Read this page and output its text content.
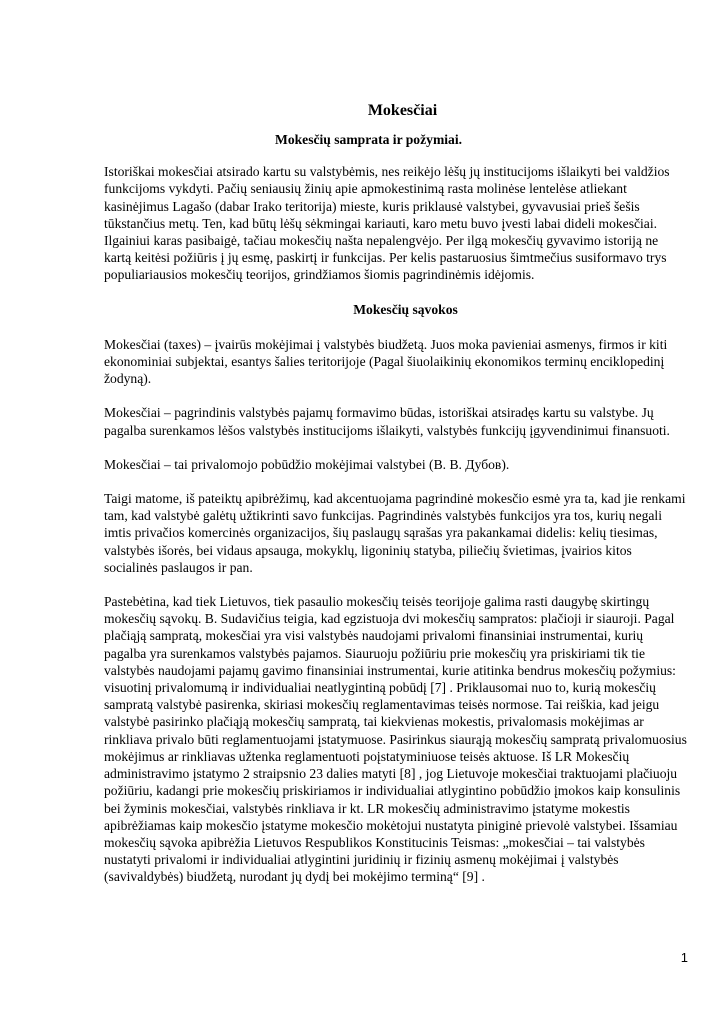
Mokesčiai
Mokesčių samprata ir požymiai.

Istoriškai mokesčiai atsirado kartu su valstybėmis, nes reikėjo lėšų jų institucijoms išlaikyti bei valdžios funkcijoms vykdyti. Pačių seniausių žinių apie apmokestinimą rasta molinėse lentelėse atliekant kasinėjimus Lagašo (dabar Irako teritorija) mieste, kuris priklausė valstybei, gyvavusiai prieš šešis tūkstančius metų. Ten, kad būtų lėšų sėkmingai kariauti, karo metu buvo įvesti labai dideli mokesčiai. Ilgainiui karas pasibaigė, tačiau mokesčių našta nepalengvėjo. Per ilgą mokesčių gyvavimo istoriją ne kartą keitėsi požiūris į jų esmę, paskirtį ir funkcijas. Per kelis pastaruosius šimtmečius susiformavo trys populiariausios mokesčių teorijos, grindžiamos šiomis pagrindinėmis idėjomis.

Mokesčių sąvokos

Mokesčiai (taxes) – įvairūs mokėjimai į valstybės biudžetą. Juos moka pavieniai asmenys, firmos ir kiti ekonominiai subjektai, esantys šalies teritorijoje (Pagal šiuolaikinių ekonomikos terminų enciklopedinį žodyną).

Mokesčiai – pagrindinis valstybės pajamų formavimo būdas, istoriškai atsiradęs kartu su valstybe. Jų pagalba surenkamos lėšos valstybės institucijoms išlaikyti, valstybės funkcijų įgyvendinimui finansuoti.

Mokesčiai – tai privalomojo pobūdžio mokėjimai valstybei (B. B. Дубов).

Taigi matome, iš pateiktų apibrėžimų, kad akcentuojama pagrindinė mokesčio esmė yra ta, kad jie renkami tam, kad valstybė galėtų užtikrinti savo funkcijas. Pagrindinės valstybės funkcijos yra tos, kurių negali imtis privačios komercinės organizacijos, šių paslaugų sąrašas yra pakankamai didelis: kelių tiesimas, valstybės išorės, bei vidaus apsauga, mokyklų, ligoninių statyba, piliečių švietimas, įvairios kitos socialinės paslaugos ir pan.

Pastebėtina, kad tiek Lietuvos, tiek pasaulio mokesčių teisės teorijoje galima rasti daugybę skirtingų mokesčių sąvokų. B. Sudavičius teigia, kad egzistuoja dvi mokesčių sampratos: plačioji ir siauroji. Pagal plačiąją sampratą, mokesčiai yra visi valstybės naudojami privalomi finansiniai instrumentai, kurių pagalba yra surenkamos valstybės pajamos. Siauruoju požiūriu prie mokesčių yra priskiriami tik tie valstybės naudojami pajamų gavimo finansiniai instrumentai, kurie atitinka bendrus mokesčių požymius: visuotinį privalomumą ir individualiai neatlygintiną pobūdį [7] . Priklausomai nuo to, kurią mokesčių sampratą valstybė pasirenka, skiriasi mokesčių reglamentavimas teisės normose. Tai reiškia, kad jeigu valstybė pasirinko plačiąją mokesčių sampratą, tai kiekvienas mokestis, privalomasis mokėjimas ar rinkliava privalo būti reglamentuojami įstatymuose. Pasirinkus siaurąją mokesčių sampratą privalomuosius mokėjimus ar rinkliavas užtenka reglamentuoti poįstatyminiuose teisės aktuose. Iš LR Mokesčių administravimo įstatymo 2 straipsnio 23 dalies matyti [8] , jog Lietuvoje mokesčiai traktuojami plačiuoju požiūriu, kadangi prie mokesčių priskiriamos ir individualiai atlygintino pobūdžio įmokos kaip konsulinis bei žyminis mokesčiai, valstybės rinkliava ir kt. LR mokesčių administravimo įstatyme mokestis apibrėžiamas kaip mokesčio įstatyme mokesčio mokėtojui nustatyta piniginė prievolė valstybei. Išsamiau mokesčių sąvoka apibrėžia Lietuvos Respublikos Konstitucinis Teismas: „mokesčiai – tai valstybės nustatyti privalomi ir individualiai atlygintini juridinių ir fizinių asmenų mokėjimai į valstybės (savivaldybės) biudžetą, nurodant jų dydį bei mokėjimo terminą“ [9] .

1
